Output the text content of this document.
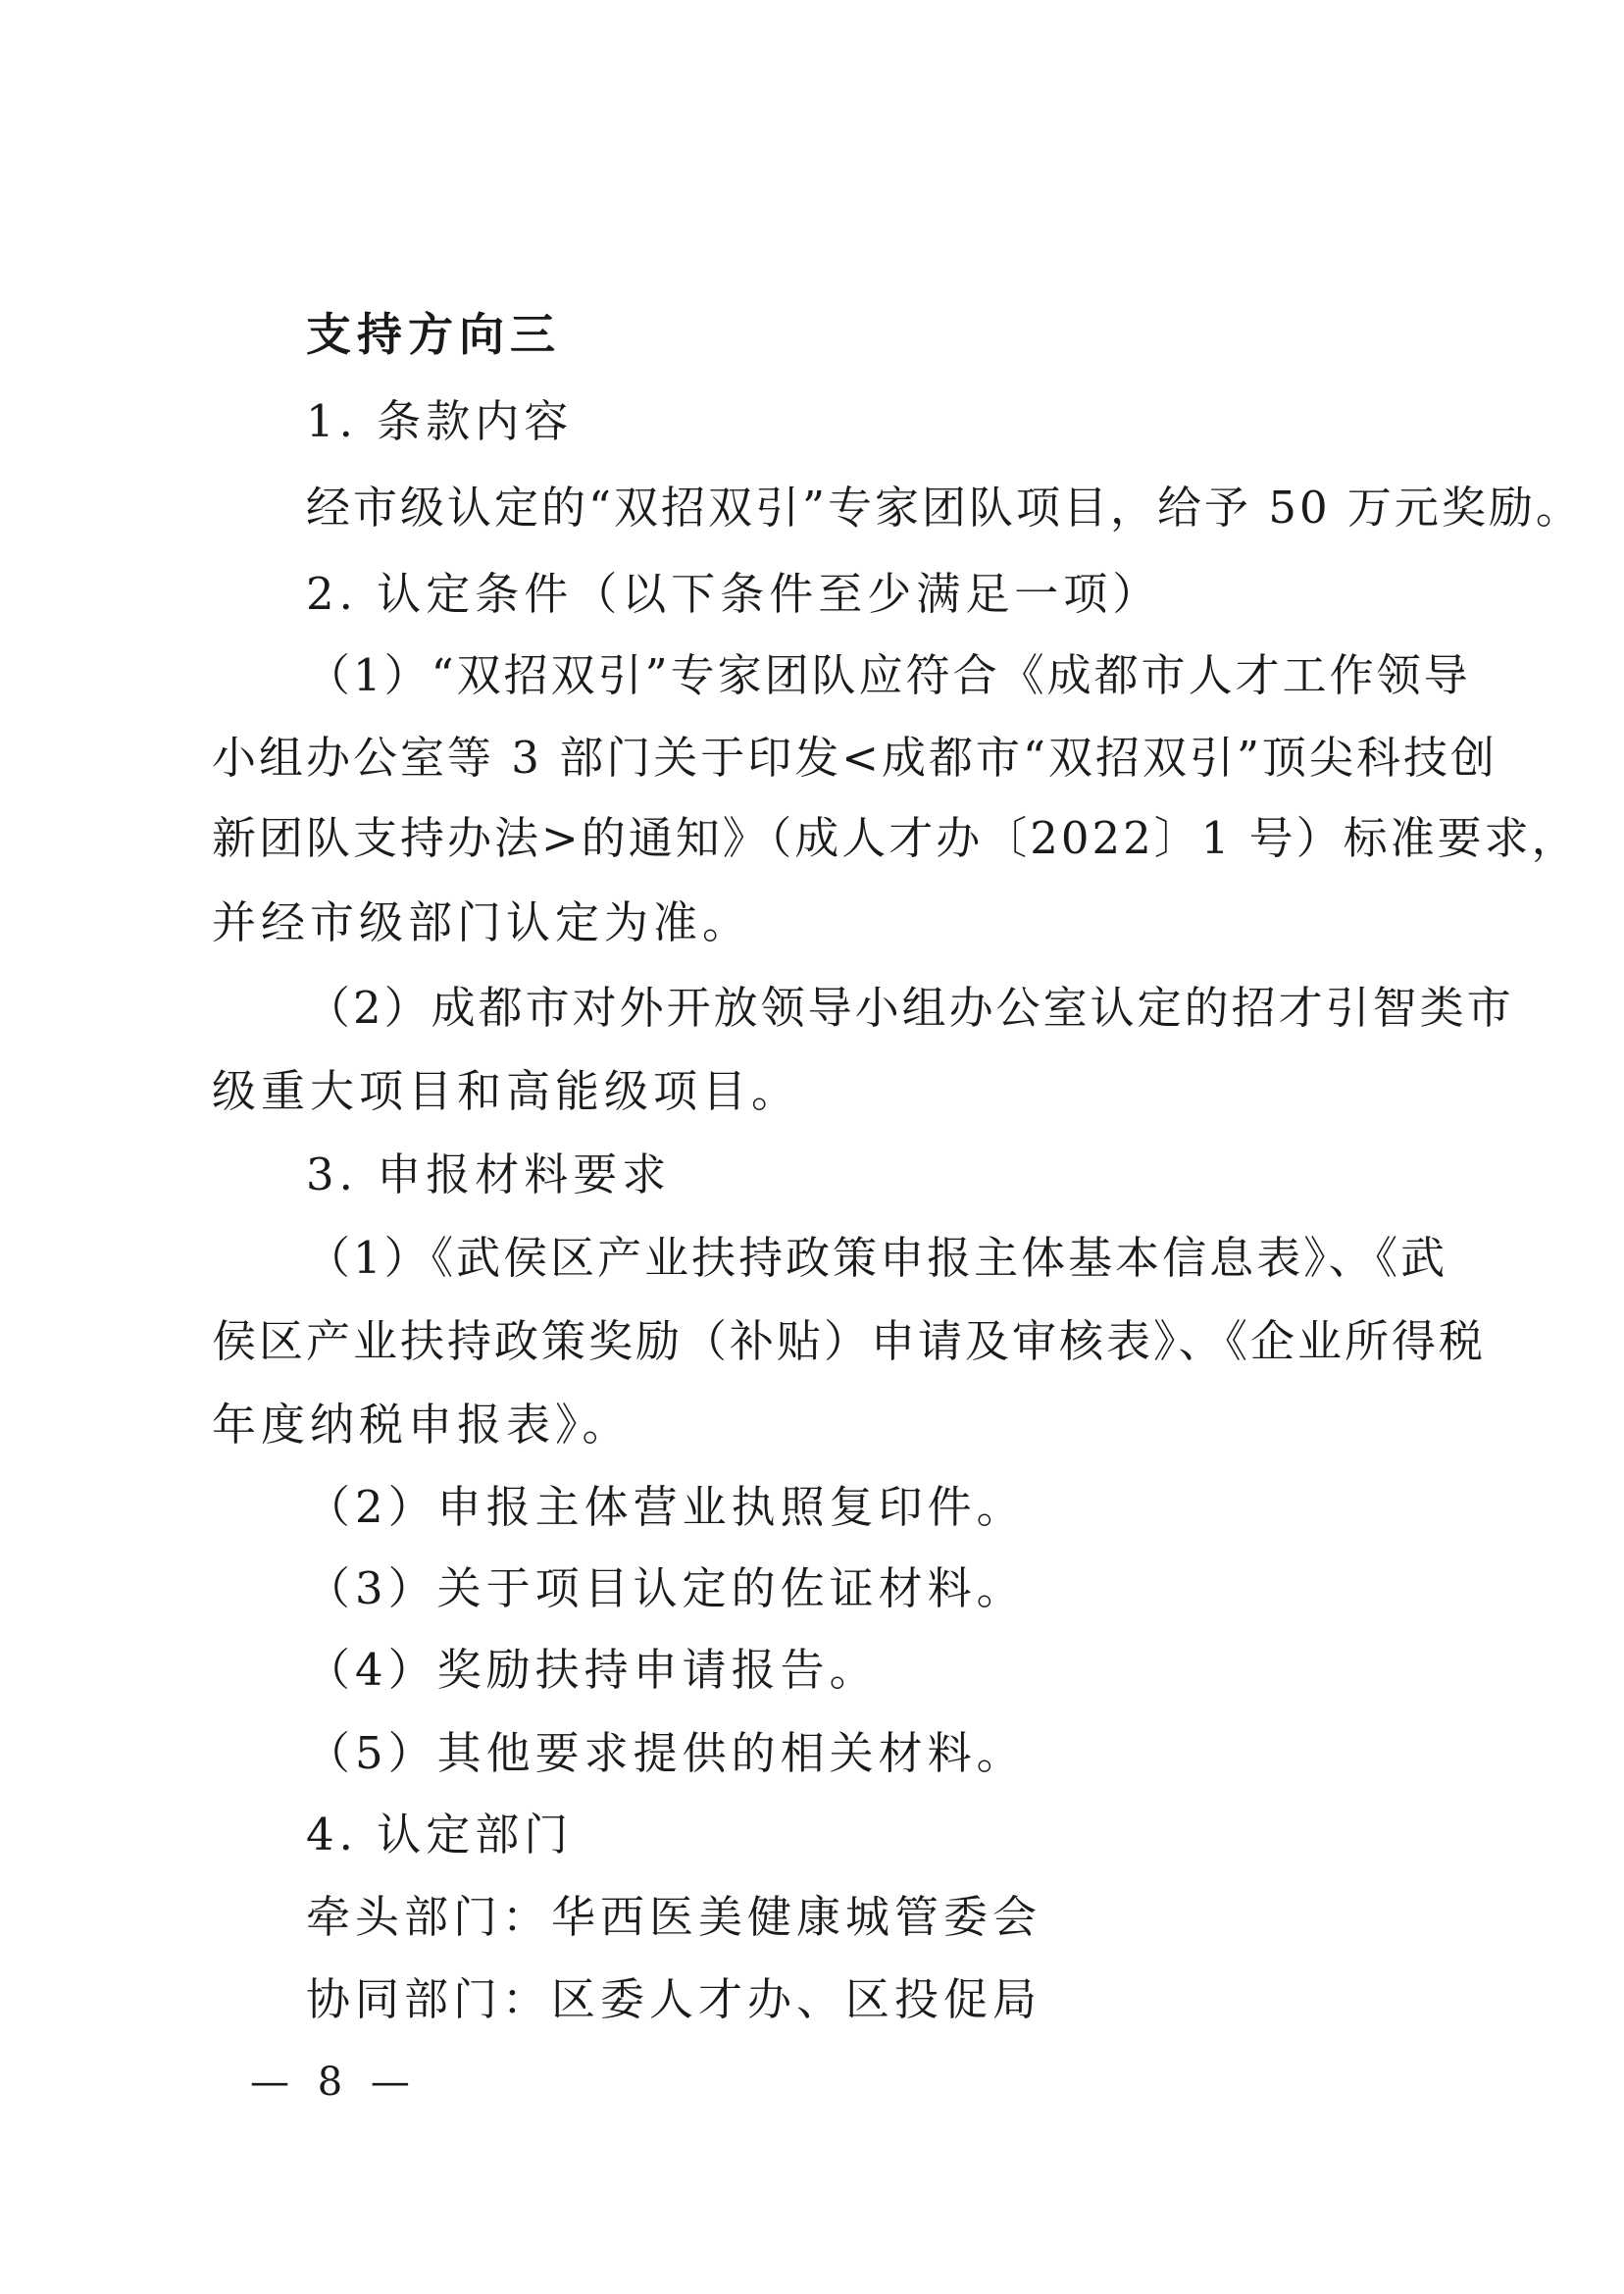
支持方向三
1. 条款内容
经市级认定的“双招双引”专家团队项目，给予 50 万元奖励。
2. 认定条件（以下条件至少满足一项）
（1）“双招双引”专家团队应符合《成都市人才工作领导
小组办公室等 3 部门关于印发<成都市“双招双引”顶尖科技创
新团队支持办法>的通知》（成人才办〔2022〕1 号）标准要求，
并经市级部门认定为准。
（2）成都市对外开放领导小组办公室认定的招才引智类市
级重大项目和高能级项目。
3. 申报材料要求
（1）《武侯区产业扶持政策申报主体基本信息表》、《武
侯区产业扶持政策奖励（补贴）申请及审核表》、《企业所得税
年度纳税申报表》。
（2）申报主体营业执照复印件。
（3）关于项目认定的佐证材料。
（4）奖励扶持申请报告。
（5）其他要求提供的相关材料。
4. 认定部门
牵头部门：华西医美健康城管委会
协同部门：区委人才办、区投促局
— 8 —
